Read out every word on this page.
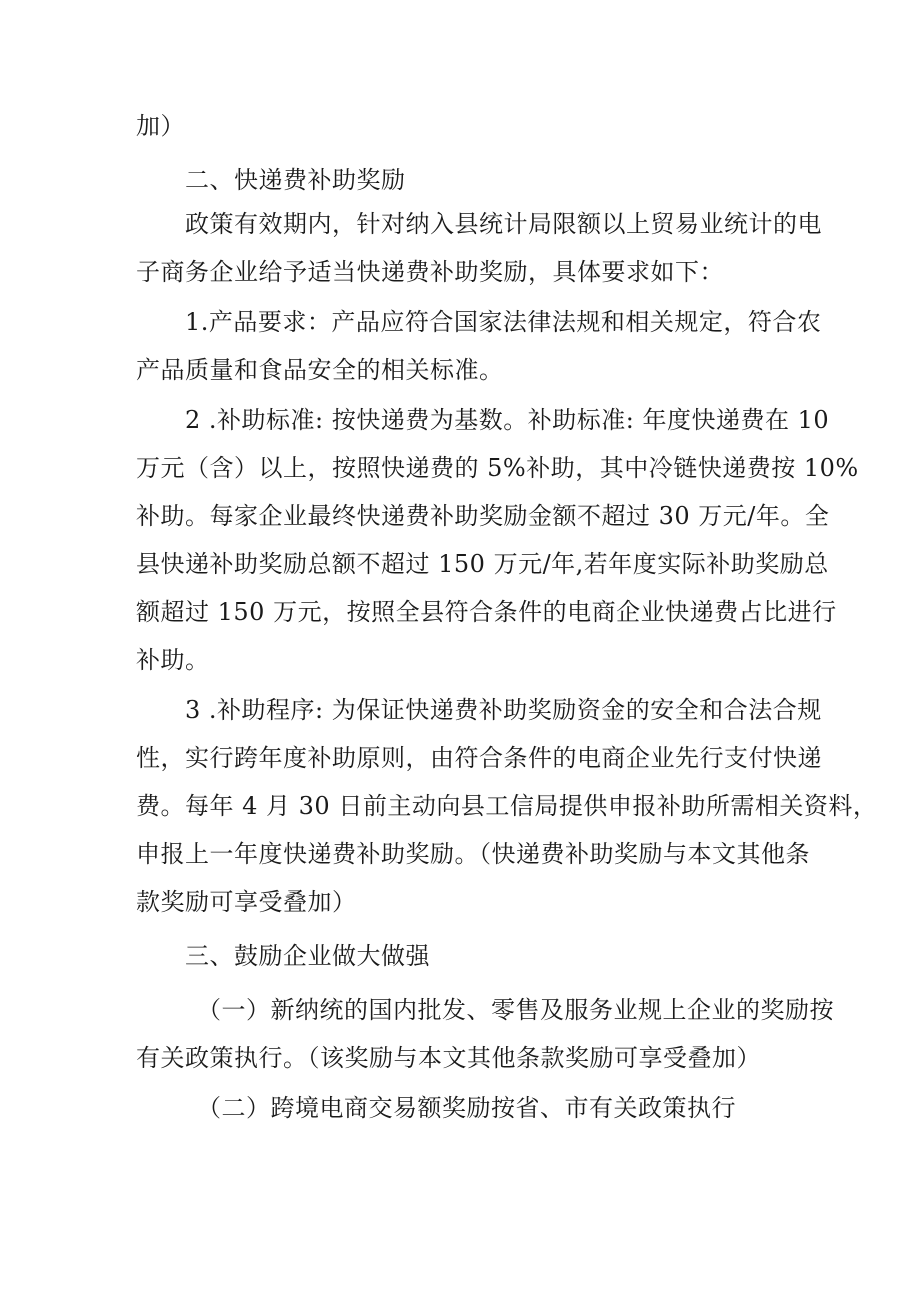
加）
二、快递费补助奖励
政策有效期内，针对纳入县统计局限额以上贸易业统计的电
子商务企业给予适当快递费补助奖励，具体要求如下：
1.产品要求：产品应符合国家法律法规和相关规定，符合农
产品质量和食品安全的相关标准。
2 .补助标准: 按快递费为基数。补助标准: 年度快递费在 10
万元（含）以上，按照快递费的 5%补助，其中冷链快递费按 10%
补助。每家企业最终快递费补助奖励金额不超过 30 万元/年。全
县快递补助奖励总额不超过 150 万元/年,若年度实际补助奖励总
额超过 150 万元，按照全县符合条件的电商企业快递费占比进行
补助。
3 .补助程序: 为保证快递费补助奖励资金的安全和合法合规
性，实行跨年度补助原则，由符合条件的电商企业先行支付快递
费。每年 4 月 30 日前主动向县工信局提供申报补助所需相关资料，
申报上一年度快递费补助奖励。（快递费补助奖励与本文其他条
款奖励可享受叠加）
三、鼓励企业做大做强
（一）新纳统的国内批发、零售及服务业规上企业的奖励按
有关政策执行。（该奖励与本文其他条款奖励可享受叠加）
（二）跨境电商交易额奖励按省、市有关政策执行
